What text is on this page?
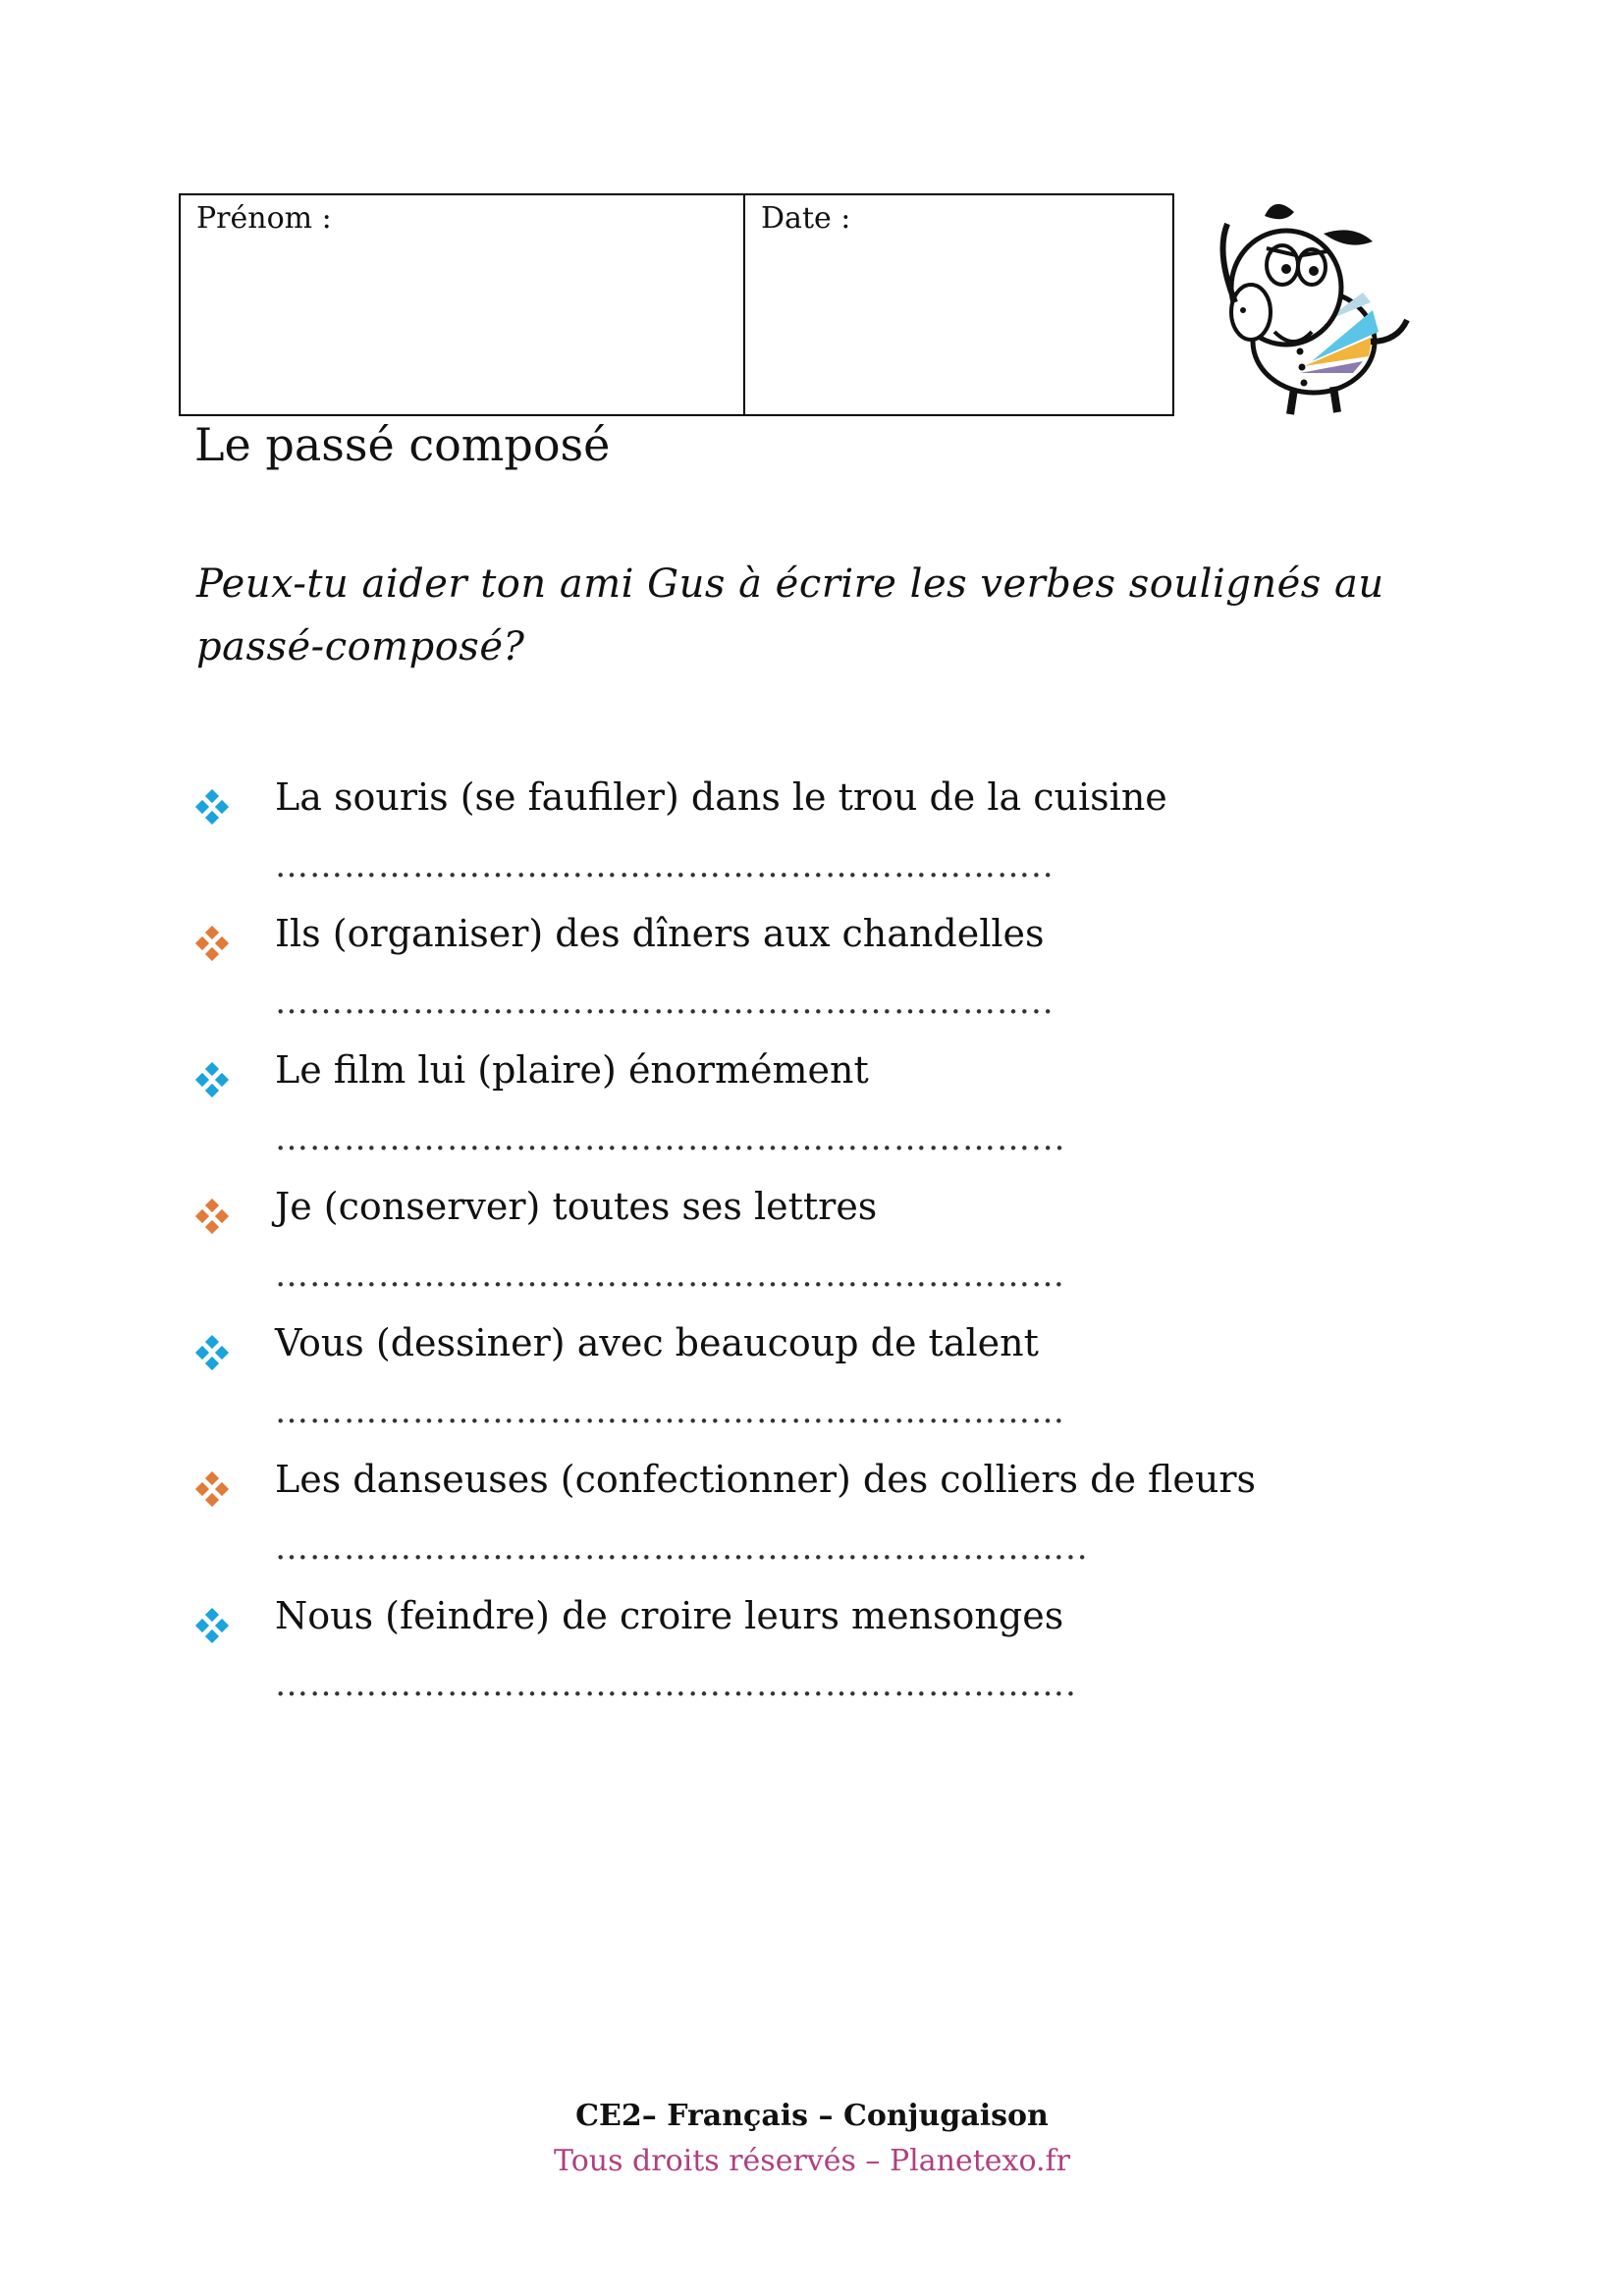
Prénom :	Date :
Le passé composé
Peux-tu aider ton ami Gus à écrire les verbes soulignés au passé-composé?
La souris (se faufiler) dans le trou de la cuisine
…………………………………………………………..
Ils (organiser) des dîners aux chandelles
…………………………………………………………..
Le film lui (plaire) énormément
…………………………………………………………...
Je (conserver) toutes ses lettres
……………………………………………………………
Vous (dessiner) avec beaucoup de talent
……………………………………………………………
Les danseuses (confectionner) des colliers de fleurs
……………………………………………………………..
Nous (feindre) de croire leurs mensonges
…………………………………………………………….
CE2– Français – Conjugaison
Tous droits réservés – Planetexo.fr
